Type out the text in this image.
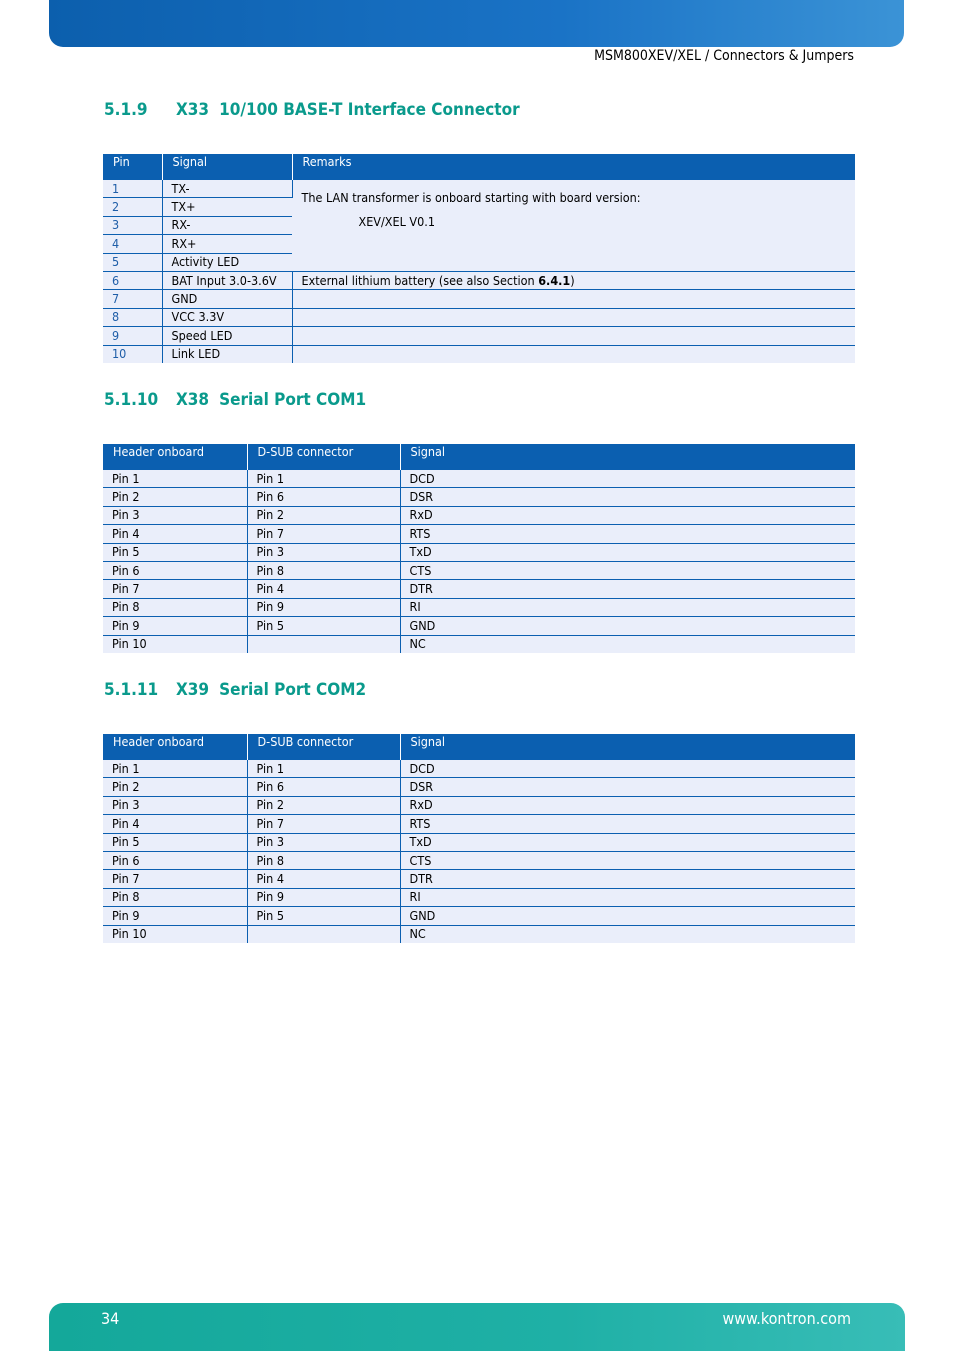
MSM800XEV/XEL / Connectors & Jumpers
5.1.9 X33 10/100 BASE-T Interface Connector
Pin	Signal	Remarks
1	TX-	The LAN transformer is onboard starting with board version:
XEV/XEL V0.1

2	TX+	
3	RX-	
4	RX+	
5	Activity LED	
6	BAT Input 3.0-3.6V	External lithium battery (see also Section 6.4.1)
7	GND	
8	VCC 3.3V	
9	Speed LED	
10	Link LED	
5.1.10 X38 Serial Port COM1
Header onboard	D-SUB connector	Signal
Pin 1	Pin 1	DCD
Pin 2	Pin 6	DSR
Pin 3	Pin 2	RxD
Pin 4	Pin 7	RTS
Pin 5	Pin 3	TxD
Pin 6	Pin 8	CTS
Pin 7	Pin 4	DTR
Pin 8	Pin 9	RI
Pin 9	Pin 5	GND
Pin 10		NC
5.1.11 X39 Serial Port COM2
Header onboard	D-SUB connector	Signal
Pin 1	Pin 1	DCD
Pin 2	Pin 6	DSR
Pin 3	Pin 2	RxD
Pin 4	Pin 7	RTS
Pin 5	Pin 3	TxD
Pin 6	Pin 8	CTS
Pin 7	Pin 4	DTR
Pin 8	Pin 9	RI
Pin 9	Pin 5	GND
Pin 10		NC
34	www.kontron.com
